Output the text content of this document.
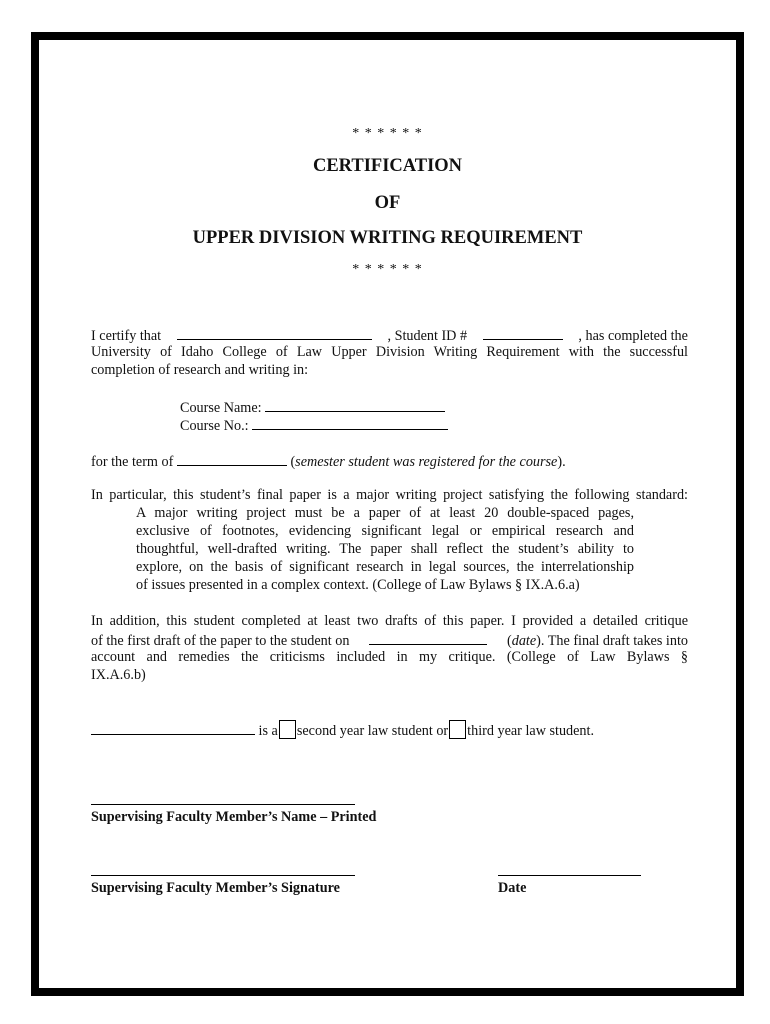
* * * * * *
CERTIFICATION
OF
UPPER DIVISION WRITING REQUIREMENT
* * * * * *
I certify that	, Student ID #	, has completed the
University of Idaho College of Law Upper Division Writing Requirement with the successful
completion of research and writing in:
Course Name:
Course No.:
for the term of	(semester student was registered for the course).
In particular, this student’s final paper is a major writing project satisfying the following standard:
A major writing project must be a paper of at least 20 double-spaced pages,
exclusive of footnotes, evidencing significant legal or empirical research and
thoughtful, well-drafted writing. The paper shall reflect the student’s ability to
explore, on the basis of significant research in legal sources, the interrelationship
of issues presented in a complex context. (College of Law Bylaws § IX.A.6.a)
In addition, this student completed at least two drafts of this paper. I provided a detailed critique
of the first draft of the paper to the student on	(date). The final draft takes into
account and remedies the criticisms included in my critique. (College of Law Bylaws §
IX.A.6.b)
is a second year law student or third year law student.
Supervising Faculty Member’s Name – Printed
Supervising Faculty Member’s Signature	Date
